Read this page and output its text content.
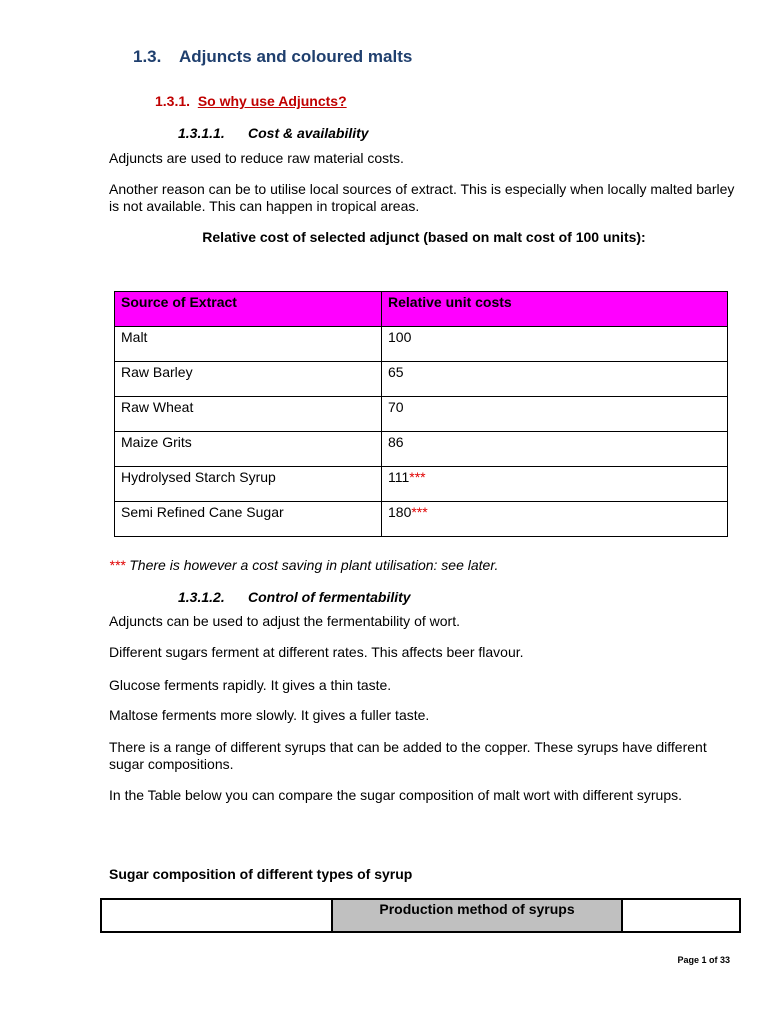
1.3. Adjuncts and coloured malts
1.3.1. So why use Adjuncts?
1.3.1.1. Cost & availability
Adjuncts are used to reduce raw material costs.
Another reason can be to utilise local sources of extract. This is especially when locally malted barley is not available. This can happen in tropical areas.
Relative cost of selected adjunct (based on malt cost of 100 units):
Source of Extract	Relative unit costs
Malt	100
Raw Barley	65
Raw Wheat	70
Maize Grits	86
Hydrolysed Starch Syrup	111***
Semi Refined Cane Sugar	180***
*** There is however a cost saving in plant utilisation: see later.
1.3.1.2. Control of fermentability
Adjuncts can be used to adjust the fermentability of wort.
Different sugars ferment at different rates. This affects beer flavour.
Glucose ferments rapidly. It gives a thin taste.
Maltose ferments more slowly. It gives a fuller taste.
There is a range of different syrups that can be added to the copper. These syrups have different sugar compositions.
In the Table below you can compare the sugar composition of malt wort with different syrups.
Sugar composition of different types of syrup
	Production method of syrups	
Page 1 of 33
